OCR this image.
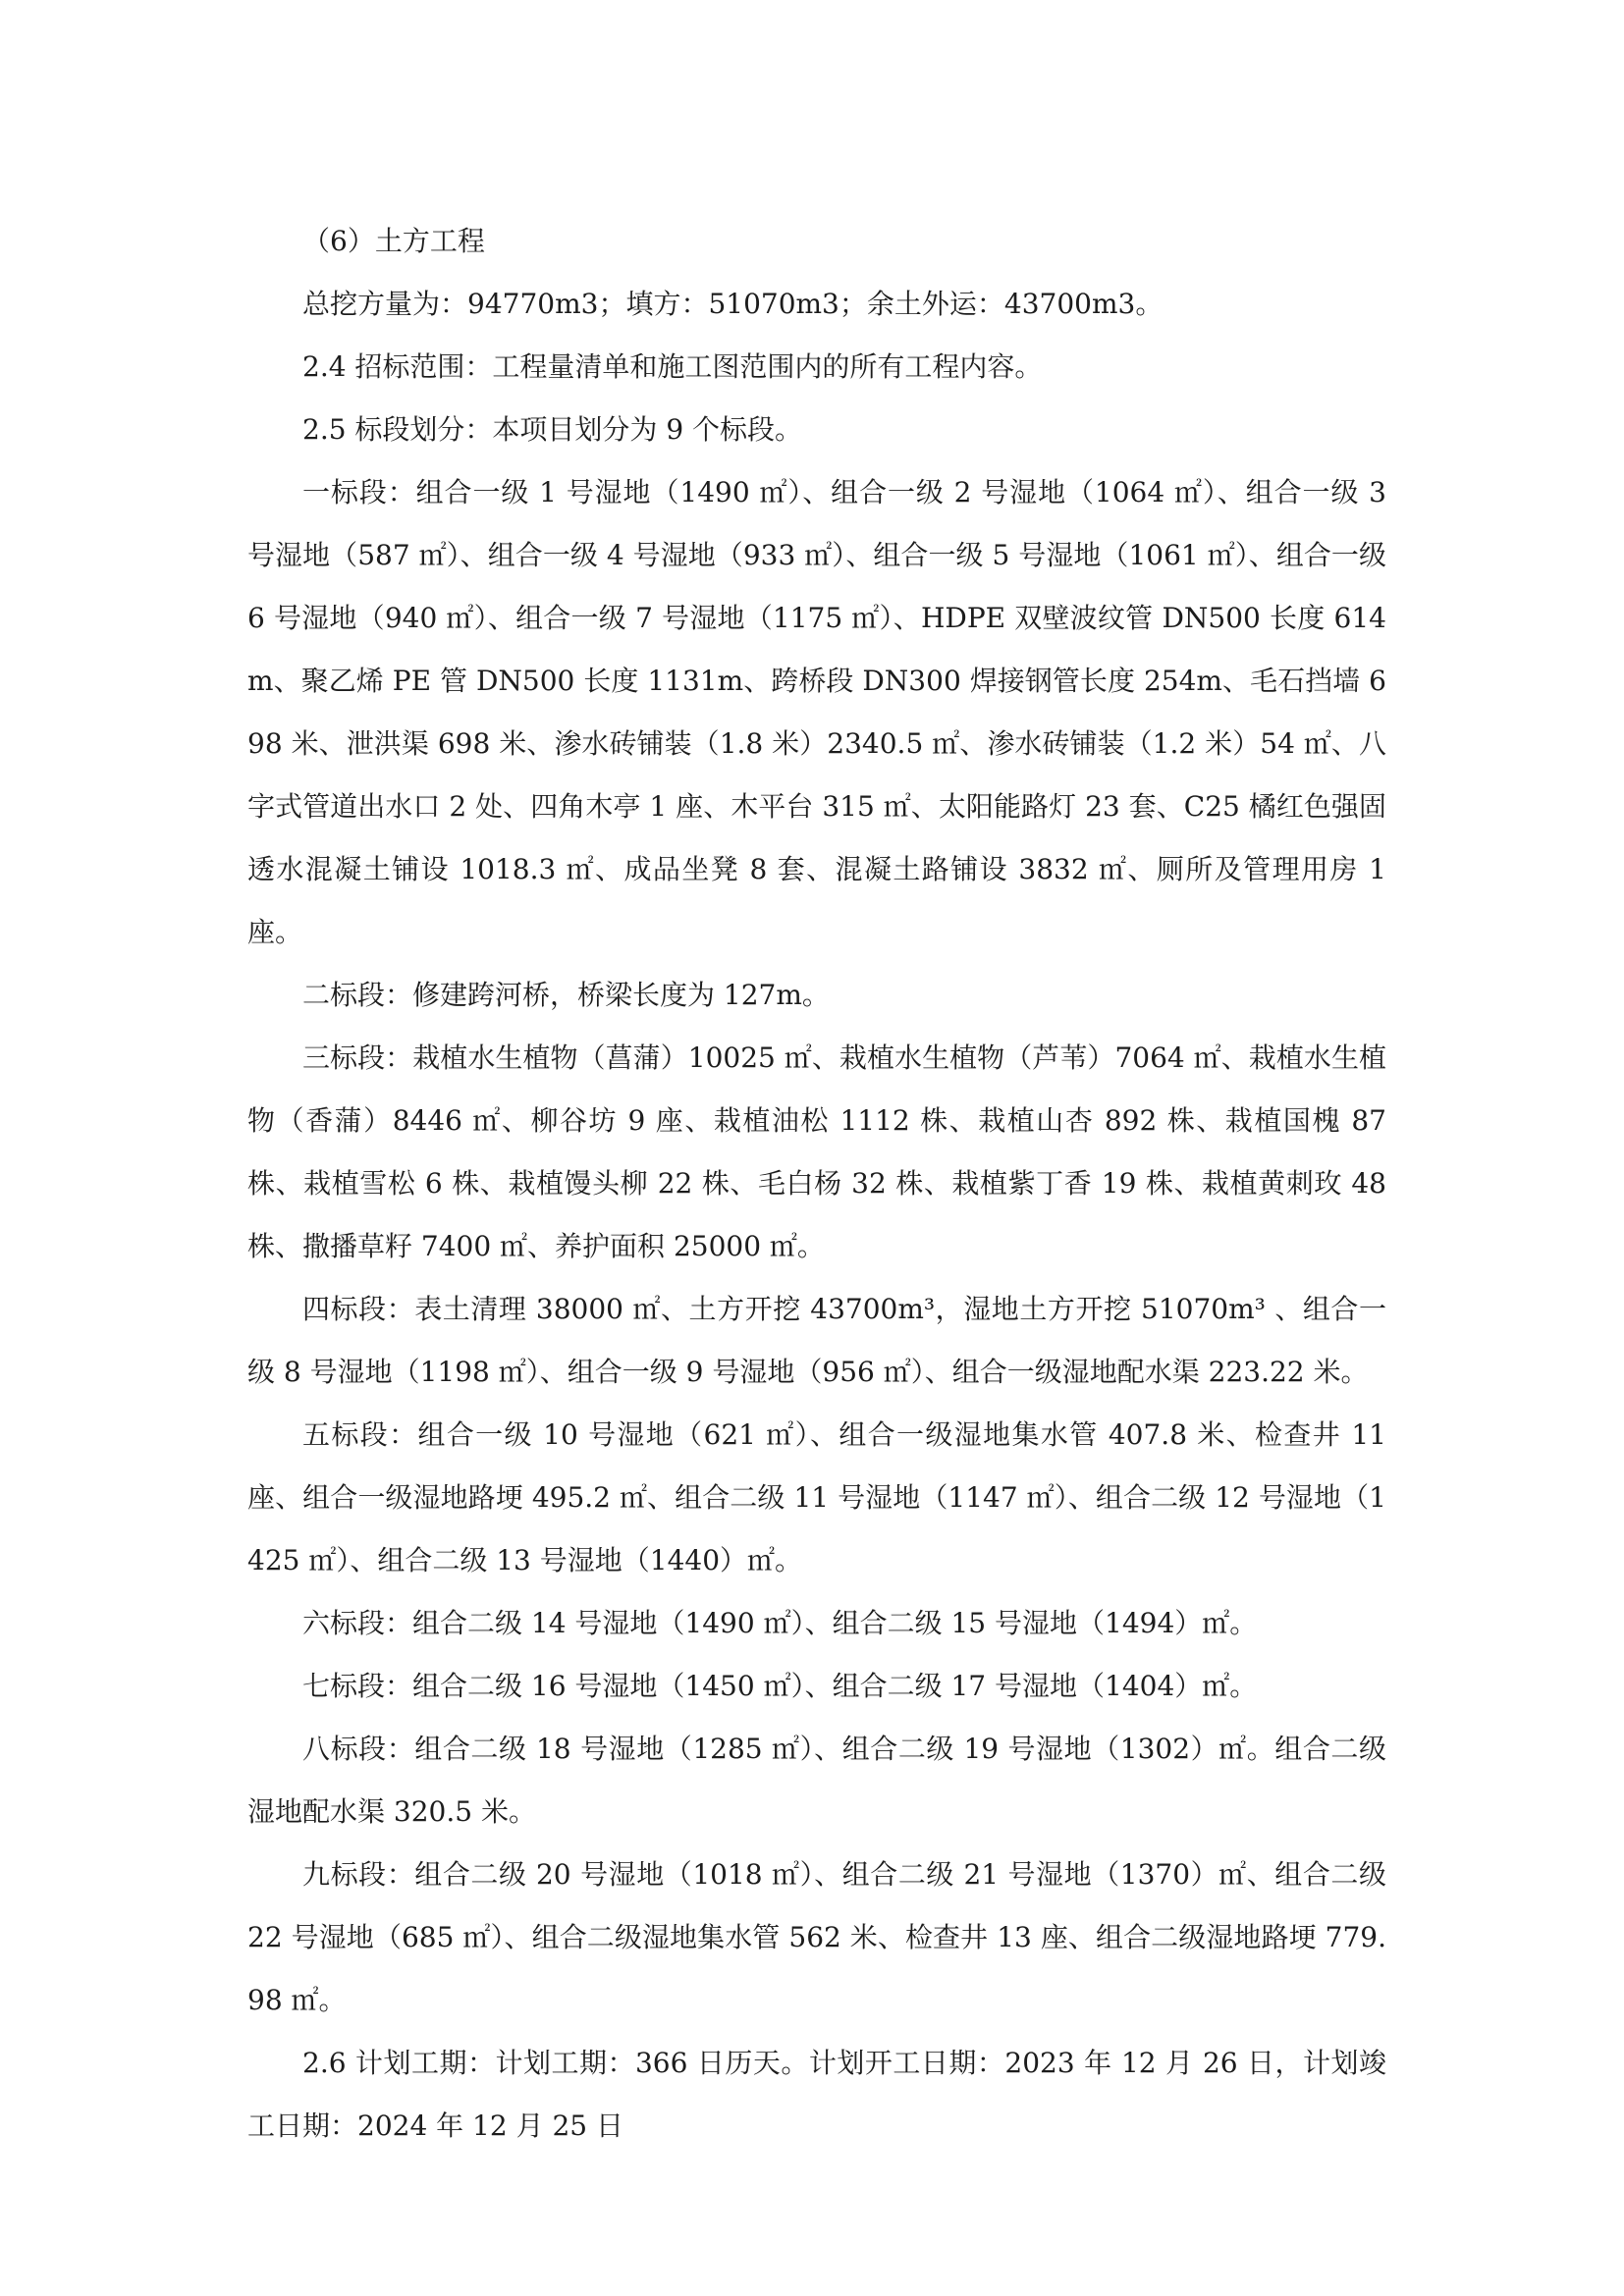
（6）土方工程

总挖方量为：94770m3；填方：51070m3；余土外运：43700m3。

2.4 招标范围：工程量清单和施工图范围内的所有工程内容。

2.5 标段划分：本项目划分为 9 个标段。

一标段：组合一级 1 号湿地（1490 ㎡）、组合一级 2 号湿地（1064 ㎡）、组合一级 3 号湿地（587 ㎡）、组合一级 4 号湿地（933 ㎡）、组合一级 5 号湿地（1061 ㎡）、组合一级 6 号湿地（940 ㎡）、组合一级 7 号湿地（1175 ㎡）、HDPE 双壁波纹管 DN500 长度 614m、聚乙烯 PE 管 DN500 长度 1131m、跨桥段 DN300 焊接钢管长度 254m、毛石挡墙 698 米、泄洪渠 698 米、渗水砖铺装（1.8 米）2340.5 ㎡、渗水砖铺装（1.2 米）54 ㎡、八字式管道出水口 2 处、四角木亭 1 座、木平台 315 ㎡、太阳能路灯 23 套、C25 橘红色强固透水混凝土铺设 1018.3 ㎡、成品坐凳 8 套、混凝土路铺设 3832 ㎡、厕所及管理用房 1 座。

二标段：修建跨河桥，桥梁长度为 127m。

三标段：栽植水生植物（菖蒲）10025 ㎡、栽植水生植物（芦苇）7064 ㎡、栽植水生植物（香蒲）8446 ㎡、柳谷坊 9 座、栽植油松 1112 株、栽植山杏 892 株、栽植国槐 87 株、栽植雪松 6 株、栽植馒头柳 22 株、毛白杨 32 株、栽植紫丁香 19 株、栽植黄刺玫 48 株、撒播草籽 7400 ㎡、养护面积 25000 ㎡。

四标段：表土清理 38000 ㎡、土方开挖 43700m³，湿地土方开挖 51070m³ 、组合一级 8 号湿地（1198 ㎡）、组合一级 9 号湿地（956 ㎡）、组合一级湿地配水渠 223.22 米。

五标段：组合一级 10 号湿地（621 ㎡）、组合一级湿地集水管 407.8 米、检查井 11 座、组合一级湿地路埂 495.2 ㎡、组合二级 11 号湿地（1147 ㎡）、组合二级 12 号湿地（1425 ㎡）、组合二级 13 号湿地（1440）㎡。

六标段：组合二级 14 号湿地（1490 ㎡）、组合二级 15 号湿地（1494）㎡。

七标段：组合二级 16 号湿地（1450 ㎡）、组合二级 17 号湿地（1404）㎡。

八标段：组合二级 18 号湿地（1285 ㎡）、组合二级 19 号湿地（1302）㎡。组合二级湿地配水渠 320.5 米。

九标段：组合二级 20 号湿地（1018 ㎡）、组合二级 21 号湿地（1370）㎡、组合二级 22 号湿地（685 ㎡）、组合二级湿地集水管 562 米、检查井 13 座、组合二级湿地路埂 779.98 ㎡。

2.6 计划工期：计划工期：366 日历天。计划开工日期：2023 年 12 月 26 日，计划竣工日期：2024 年 12 月 25 日
